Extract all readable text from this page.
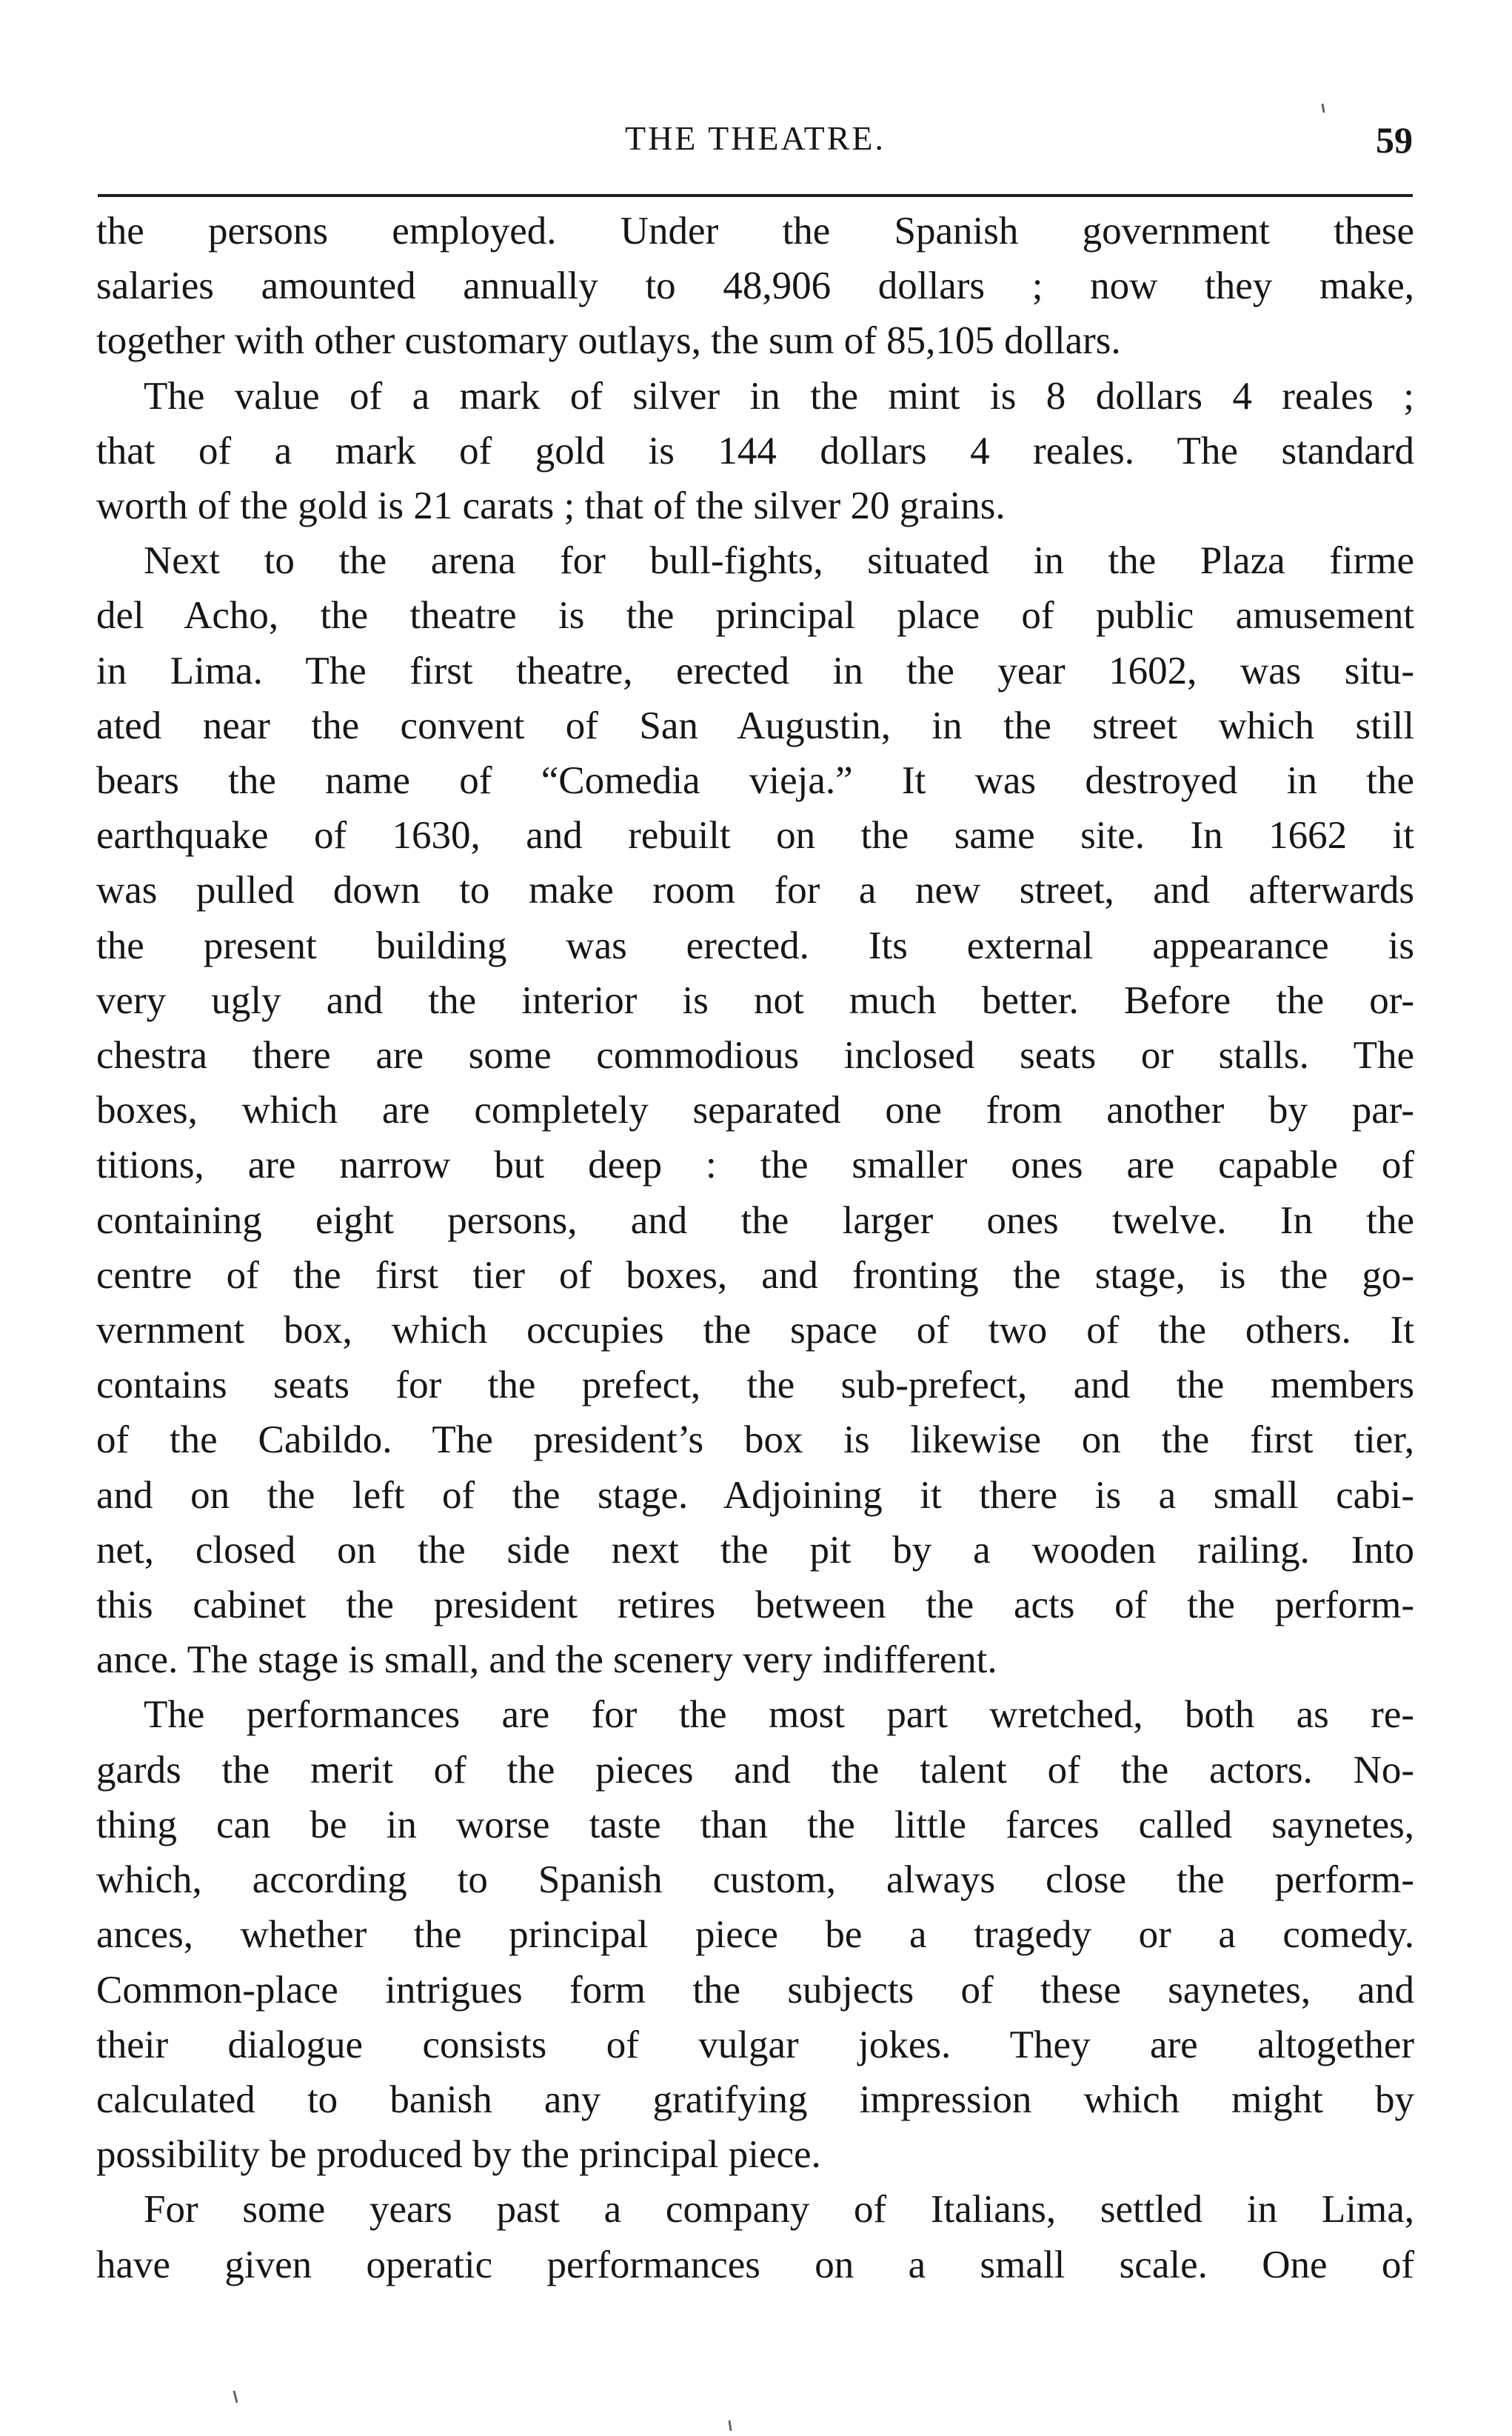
THE THEATRE.	59

the persons employed. Under the Spanish government these

salaries amounted annually to 48,906 dollars ; now they make,

together with other customary outlays, the sum of 85,105 dollars.

The value of a mark of silver in the mint is 8 dollars 4 reales ;

that of a mark of gold is 144 dollars 4 reales. The standard

worth of the gold is 21 carats ; that of the silver 20 grains.

Next to the arena for bull-fights, situated in the Plaza firme

del Acho, the theatre is the principal place of public amusement

in Lima. The first theatre, erected in the year 1602, was situ-

ated near the convent of San Augustin, in the street which still

bears the name of “Comedia vieja.” It was destroyed in the

earthquake of 1630, and rebuilt on the same site. In 1662 it

was pulled down to make room for a new street, and afterwards

the present building was erected. Its external appearance is

very ugly and the interior is not much better. Before the or-

chestra there are some commodious inclosed seats or stalls. The

boxes, which are completely separated one from another by par-

titions, are narrow but deep : the smaller ones are capable of

containing eight persons, and the larger ones twelve. In the

centre of the first tier of boxes, and fronting the stage, is the go-

vernment box, which occupies the space of two of the others. It

contains seats for the prefect, the sub-prefect, and the members

of the Cabildo. The president’s box is likewise on the first tier,

and on the left of the stage. Adjoining it there is a small cabi-

net, closed on the side next the pit by a wooden railing. Into

this cabinet the president retires between the acts of the perform-

ance. The stage is small, and the scenery very indifferent.

The performances are for the most part wretched, both as re-

gards the merit of the pieces and the talent of the actors. No-

thing can be in worse taste than the little farces called saynetes,

which, according to Spanish custom, always close the perform-

ances, whether the principal piece be a tragedy or a comedy.

Common-place intrigues form the subjects of these saynetes, and

their dialogue consists of vulgar jokes. They are altogether

calculated to banish any gratifying impression which might by

possibility be produced by the principal piece.

For some years past a company of Italians, settled in Lima,

have given operatic performances on a small scale. One of
